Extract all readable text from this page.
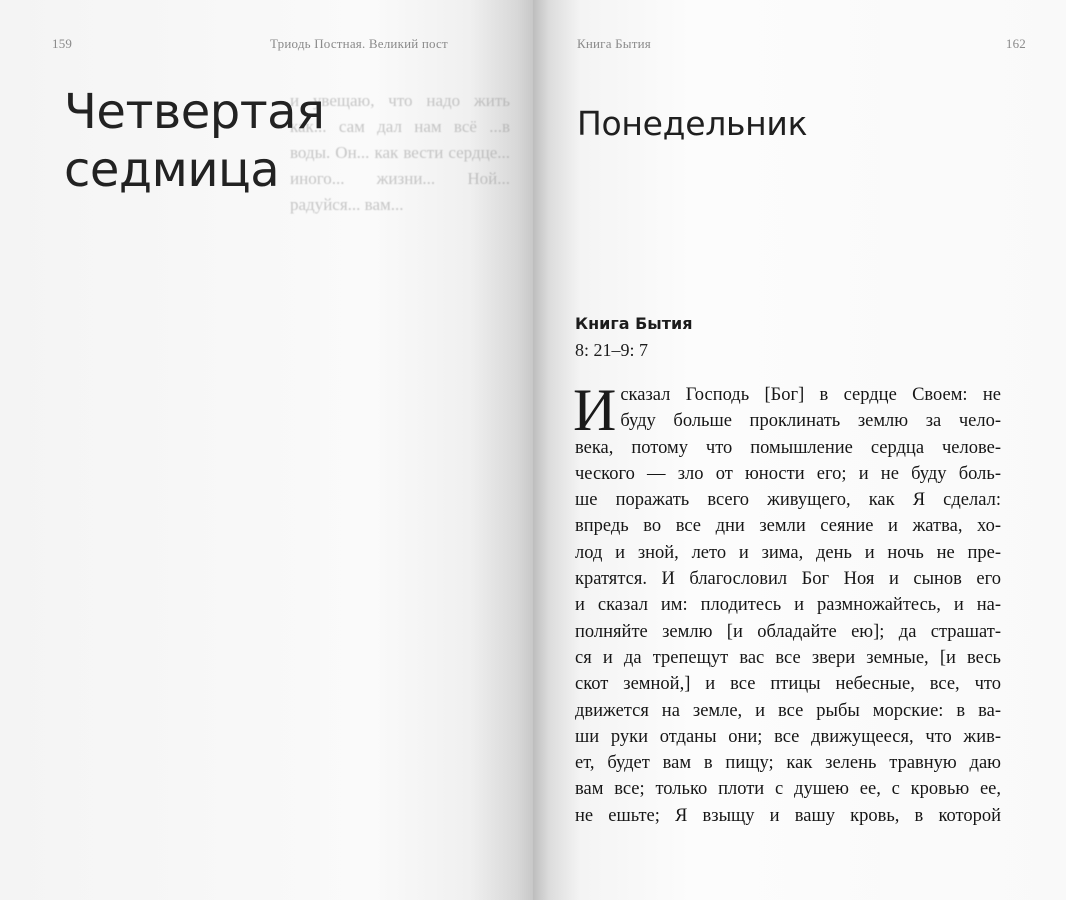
159	Триодь Постная. Великий пост
и увещаю, что надо жить как... сам дал нам всё ...в воды. Он... как вести сердце... иного... жизни... Ной... радуйся... вам...
Четвертая
седмица
Книга Бытия	162
Понедельник
Книга Бытия
8: 21–9: 7
И сказал Господь [Бог] в сердце Своем: не
буду больше проклинать землю за чело-
века, потому что помышление сердца челове-
ческого — зло от юности его; и не буду боль-
ше поражать всего живущего, как Я сделал:
впредь во все дни земли сеяние и жатва, хо-
лод и зной, лето и зима, день и ночь не пре-
кратятся. И благословил Бог Ноя и сынов его
и сказал им: плодитесь и размножайтесь, и на-
полняйте землю [и обладайте ею]; да страшат-
ся и да трепещут вас все звери земные, [и весь
скот земной,] и все птицы небесные, все, что
движется на земле, и все рыбы морские: в ва-
ши руки отданы они; все движущееся, что жив-
ет, будет вам в пищу; как зелень травную даю
вам все; только плоти с душею ее, с кровью ее,
не ешьте; Я взыщу и вашу кровь, в которой
